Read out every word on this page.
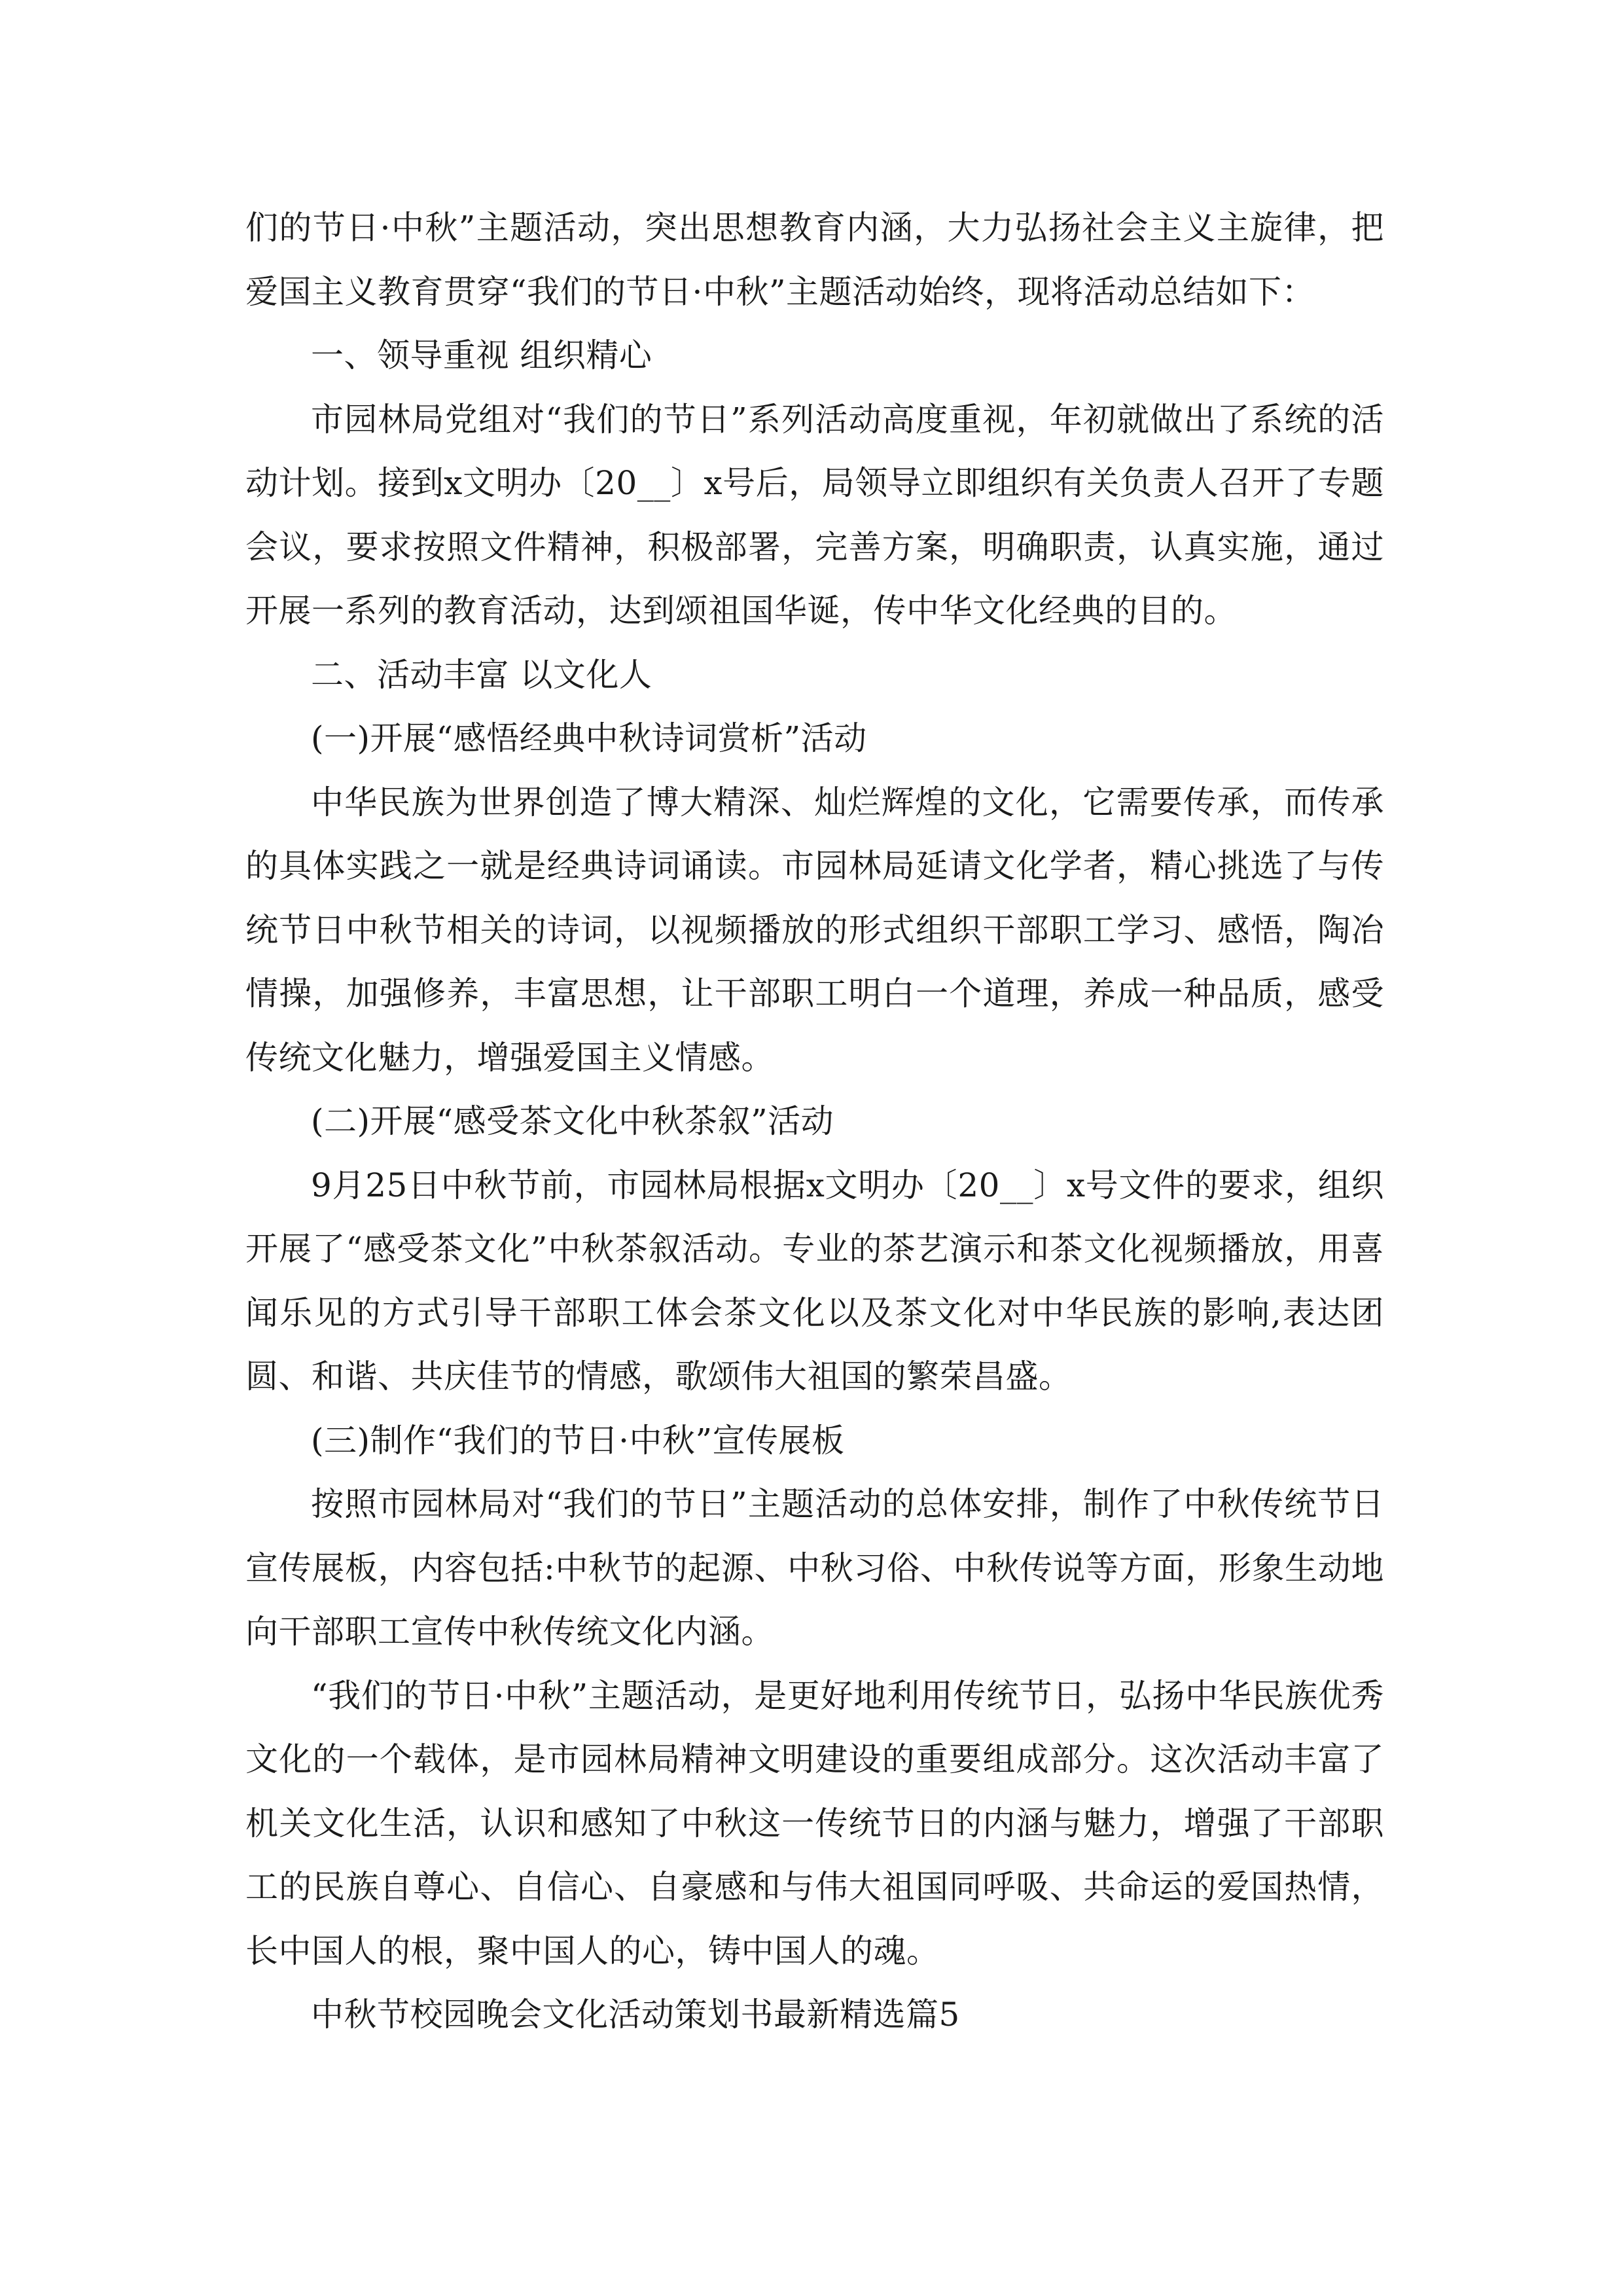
们的节日·中秋”主题活动，突出思想教育内涵，大力弘扬社会主义主旋律，把爱国主义教育贯穿“我们的节日·中秋”主题活动始终，现将活动总结如下：

一、领导重视 组织精心

市园林局党组对“我们的节日”系列活动高度重视，年初就做出了系统的活动计划。接到x文明办〔20__〕x号后，局领导立即组织有关负责人召开了专题会议，要求按照文件精神，积极部署，完善方案，明确职责，认真实施，通过开展一系列的教育活动，达到颂祖国华诞，传中华文化经典的目的。

二、活动丰富 以文化人

(一)开展“感悟经典中秋诗词赏析”活动

中华民族为世界创造了博大精深、灿烂辉煌的文化，它需要传承，而传承的具体实践之一就是经典诗词诵读。市园林局延请文化学者，精心挑选了与传统节日中秋节相关的诗词，以视频播放的形式组织干部职工学习、感悟，陶冶情操，加强修养，丰富思想，让干部职工明白一个道理，养成一种品质，感受传统文化魅力，增强爱国主义情感。

(二)开展“感受茶文化中秋茶叙”活动

9月25日中秋节前，市园林局根据x文明办〔20__〕x号文件的要求，组织开展了“感受茶文化”中秋茶叙活动。专业的茶艺演示和茶文化视频播放，用喜闻乐见的方式引导干部职工体会茶文化以及茶文化对中华民族的影响,表达团圆、和谐、共庆佳节的情感，歌颂伟大祖国的繁荣昌盛。

(三)制作“我们的节日·中秋”宣传展板

按照市园林局对“我们的节日”主题活动的总体安排，制作了中秋传统节日宣传展板，内容包括:中秋节的起源、中秋习俗、中秋传说等方面，形象生动地向干部职工宣传中秋传统文化内涵。

“我们的节日·中秋”主题活动，是更好地利用传统节日，弘扬中华民族优秀文化的一个载体，是市园林局精神文明建设的重要组成部分。这次活动丰富了机关文化生活，认识和感知了中秋这一传统节日的内涵与魅力，增强了干部职工的民族自尊心、自信心、自豪感和与伟大祖国同呼吸、共命运的爱国热情，长中国人的根，聚中国人的心，铸中国人的魂。

中秋节校园晚会文化活动策划书最新精选篇5
